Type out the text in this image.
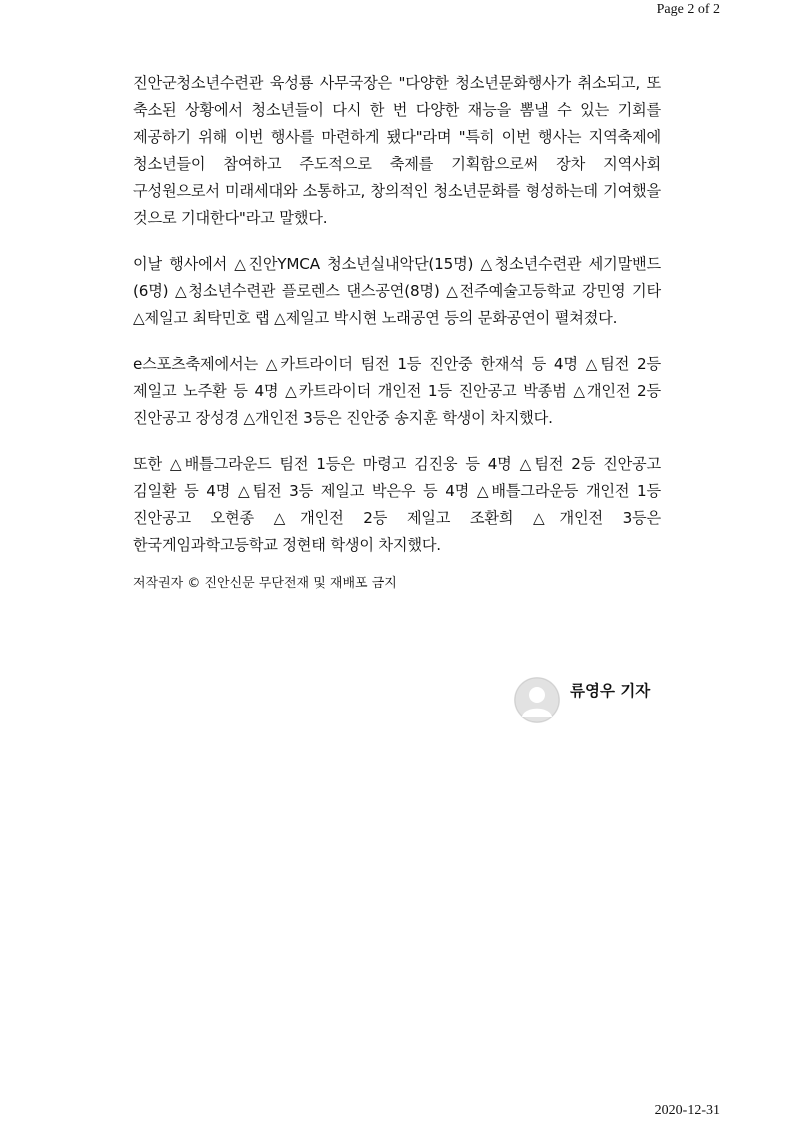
Page 2 of 2

진안군청소년수련관 육성룡 사무국장은 "다양한 청소년문화행사가 취소되고, 또 축소된 상황에서 청소년들이 다시 한 번 다양한 재능을 뽐낼 수 있는 기회를 제공하기 위해 이번 행사를 마련하게 됐다"라며 "특히 이번 행사는 지역축제에 청소년들이 참여하고 주도적으로 축제를 기획함으로써 장차 지역사회 구성원으로서 미래세대와 소통하고, 창의적인 청소년문화를 형성하는데 기여했을 것으로 기대한다"라고 말했다.

이날 행사에서 △진안YMCA 청소년실내악단(15명) △청소년수련관 세기말밴드(6명) △청소년수련관 플로렌스 댄스공연(8명) △전주예술고등학교 강민영 기타 △제일고 최탁민호 랩 △제일고 박시현 노래공연 등의 문화공연이 펼쳐졌다.

e스포츠축제에서는 △카트라이더 팀전 1등 진안중 한재석 등 4명 △팀전 2등 제일고 노주환 등 4명 △카트라이더 개인전 1등 진안공고 박종범 △개인전 2등 진안공고 장성경 △개인전 3등은 진안중 송지훈 학생이 차지했다.

또한 △배틀그라운드 팀전 1등은 마령고 김진웅 등 4명 △팀전 2등 진안공고 김일환 등 4명 △팀전 3등 제일고 박은우 등 4명 △배틀그라운등 개인전 1등 진안공고 오현종 △개인전 2등 제일고 조환희 △개인전 3등은 한국게임과학고등학교 정현태 학생이 차지했다.

저작권자 © 진안신문 무단전재 및 재배포 금지
류영우 기자
2020-12-31
